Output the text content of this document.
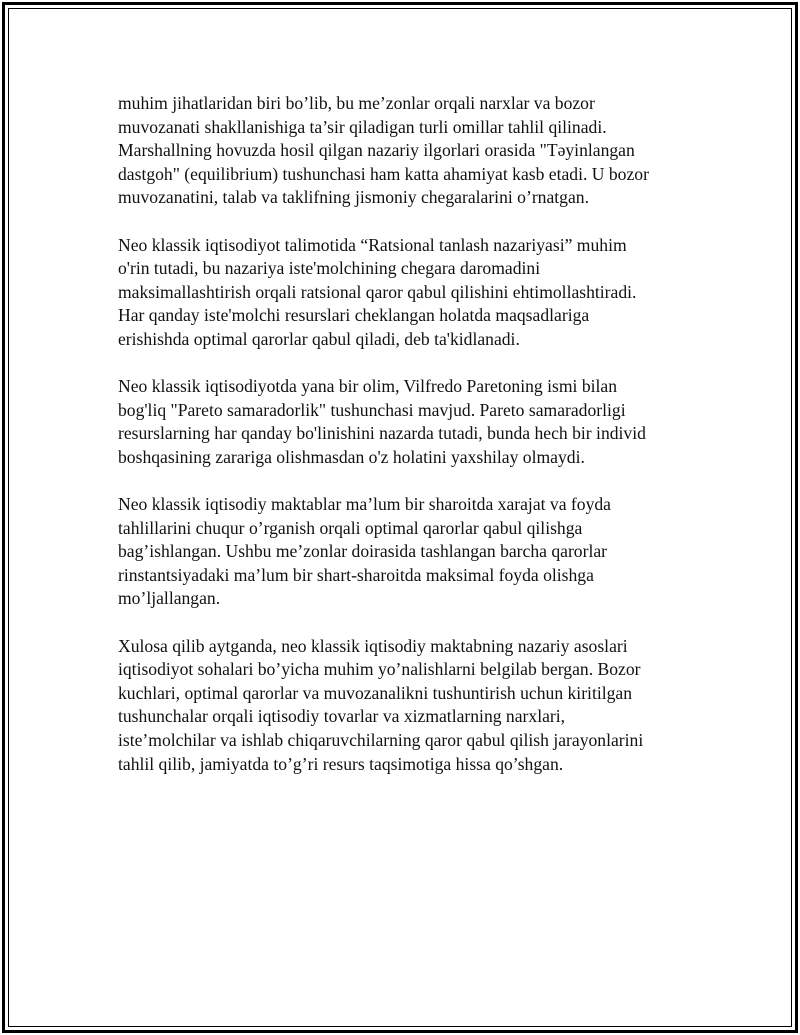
muhim jihatlaridan biri bo’lib, bu me’zonlar orqali narxlar va bozor
muvozanati shakllanishiga ta’sir qiladigan turli omillar tahlil qilinadi.
Marshallning hovuzda hosil qilgan nazariy ilgorlari orasida "Təyinlangan
dastgoh" (equilibrium) tushunchasi ham katta ahamiyat kasb etadi. U bozor
muvozanatini, talab va taklifning jismoniy chegaralarini o’rnatgan.

Neo klassik iqtisodiyot talimotida “Ratsional tanlash nazariyasi” muhim
o'rin tutadi, bu nazariya iste'molchining chegara daromadini
maksimallashtirish orqali ratsional qaror qabul qilishini ehtimollashtiradi.
Har qanday iste'molchi resurslari cheklangan holatda maqsadlariga
erishishda optimal qarorlar qabul qiladi, deb ta'kidlanadi.

Neo klassik iqtisodiyotda yana bir olim, Vilfredo Paretoning ismi bilan
bog'liq "Pareto samaradorlik" tushunchasi mavjud. Pareto samaradorligi
resurslarning har qanday bo'linishini nazarda tutadi, bunda hech bir individ
boshqasining zarariga olishmasdan o'z holatini yaxshilay olmaydi.

Neo klassik iqtisodiy maktablar ma’lum bir sharoitda xarajat va foyda
tahlillarini chuqur o’rganish orqali optimal qarorlar qabul qilishga
bag’ishlangan. Ushbu me’zonlar doirasida tashlangan barcha qarorlar
rinstantsiyadaki ma’lum bir shart-sharoitda maksimal foyda olishga
mo’ljallangan.

Xulosa qilib aytganda, neo klassik iqtisodiy maktabning nazariy asoslari
iqtisodiyot sohalari bo’yicha muhim yo’nalishlarni belgilab bergan. Bozor
kuchlari, optimal qarorlar va muvozanalikni tushuntirish uchun kiritilgan
tushunchalar orqali iqtisodiy tovarlar va xizmatlarning narxlari,
iste’molchilar va ishlab chiqaruvchilarning qaror qabul qilish jarayonlarini
tahlil qilib, jamiyatda to’g’ri resurs taqsimotiga hissa qo’shgan.
